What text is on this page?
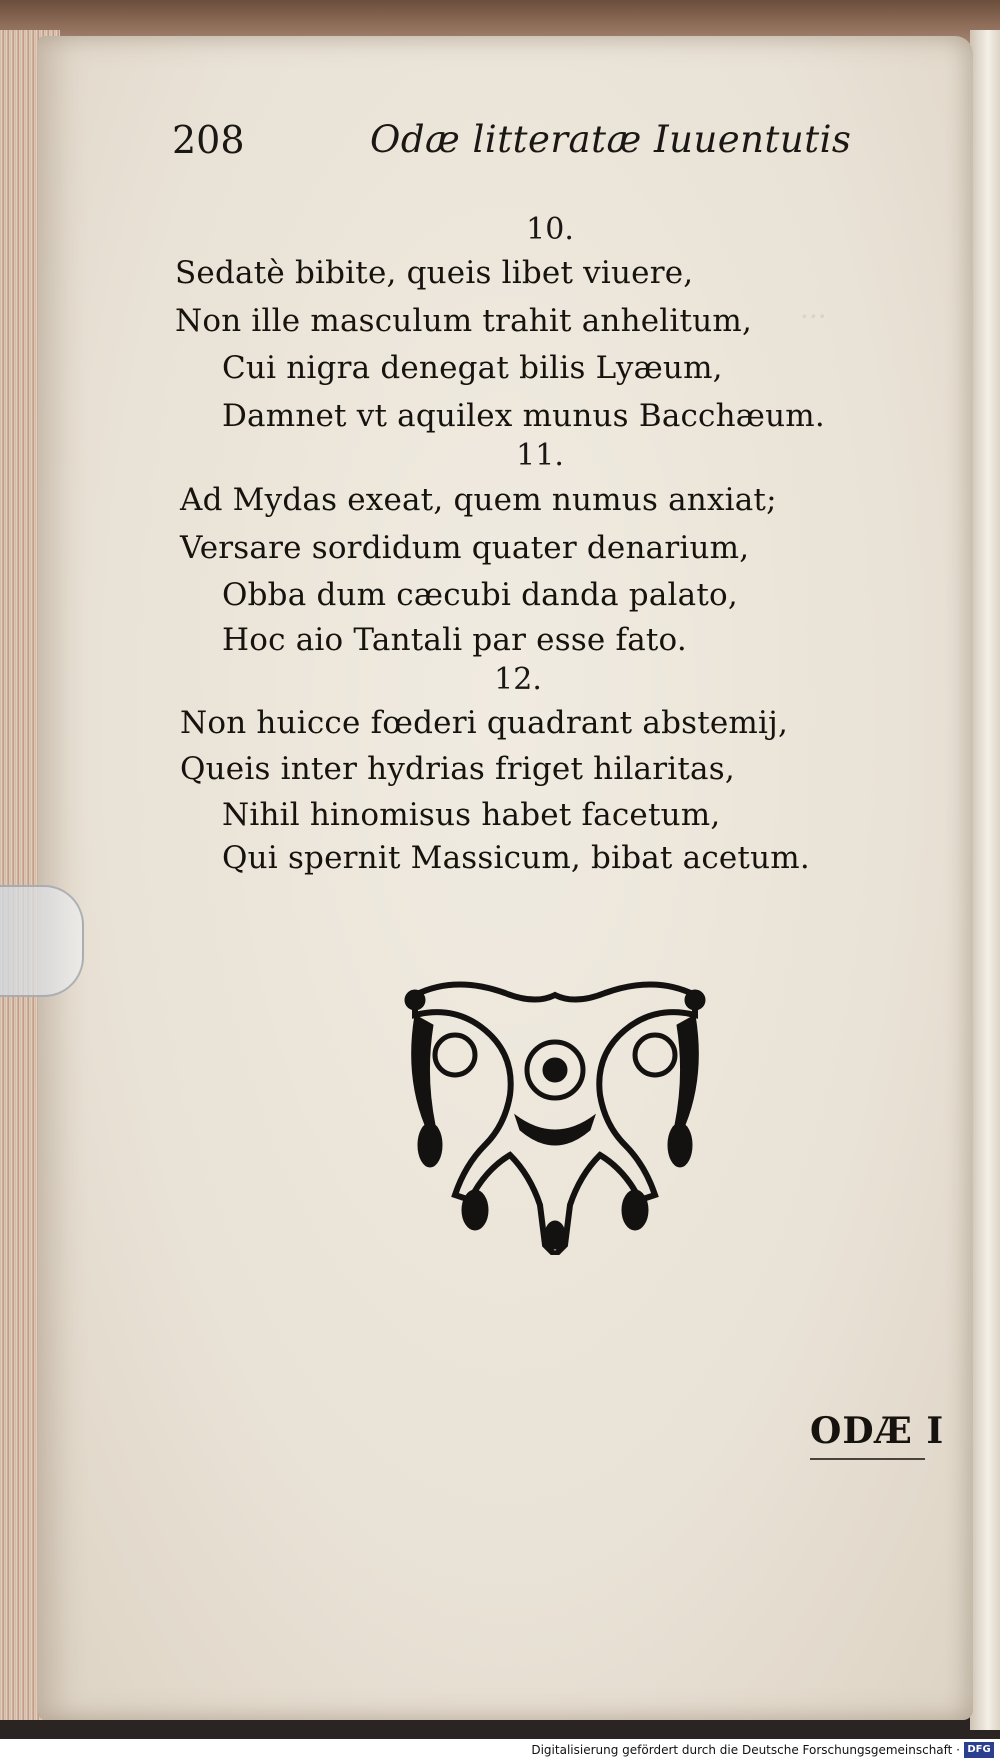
···
208	Odæ litteratæ Iuuentutis
10.
Sedatè bibite, queis libet viuere,
Non ille masculum trahit anhelitum,
Cui nigra denegat bilis Lyæum,
Damnet vt aquilex munus Bacchæum.
11.
Ad Mydas exeat, quem numus anxiat;
Versare sordidum quater denarium,
Obba dum cæcubi danda palato,
Hoc aio Tantali par esse fato.
12.
Non huicce fœderi quadrant abstemij,
Queis inter hydrias friget hilaritas,
Nihil hinomisus habet facetum,
Qui spernit Massicum, bibat acetum.
ODÆ I
Digitalisierung gefördert durch die Deutsche Forschungsgemeinschaft · DFG
